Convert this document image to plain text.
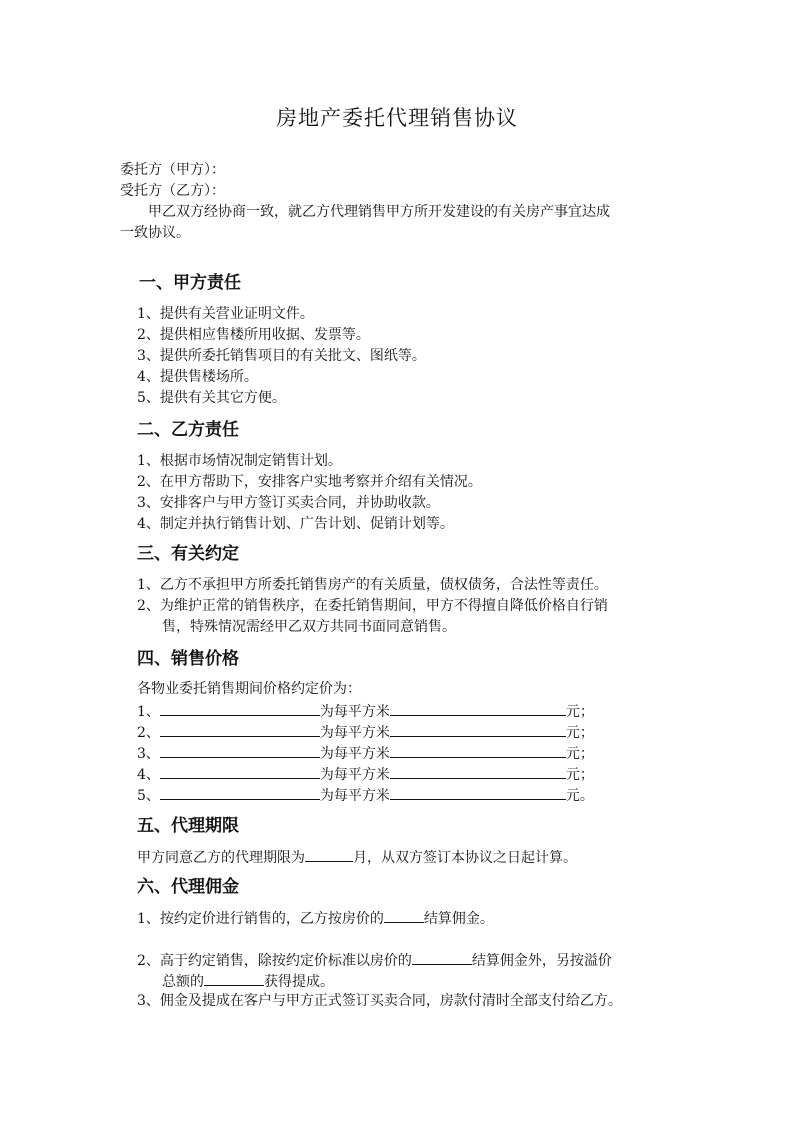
房地产委托代理销售协议
委托方（甲方）：
受托方（乙方）：
甲乙双方经协商一致，就乙方代理销售甲方所开发建设的有关房产事宜达成
一致协议。
一、甲方责任
1、提供有关营业证明文件。
2、提供相应售楼所用收据、发票等。
3、提供所委托销售项目的有关批文、图纸等。
4、提供售楼场所。
5、提供有关其它方便。
二、乙方责任
1、根据市场情况制定销售计划。
2、在甲方帮助下，安排客户实地考察并介绍有关情况。
3、安排客户与甲方签订买卖合同，并协助收款。
4、制定并执行销售计划、广告计划、促销计划等。
三、有关约定
1、乙方不承担甲方所委托销售房产的有关质量，债权债务，合法性等责任。
2、为维护正常的销售秩序，在委托销售期间，甲方不得擅自降低价格自行销
售，特殊情况需经甲乙双方共同书面同意销售。
四、销售价格
各物业委托销售期间价格约定价为：
1、	为每平方米	元；
2、	为每平方米	元；
3、	为每平方米	元；
4、	为每平方米	元；
5、	为每平方米	元。
五、代理期限
甲方同意乙方的代理期限为	月，从双方签订本协议之日起计算。
六、代理佣金
1、按约定价进行销售的，乙方按房价的	结算佣金。
2、高于约定销售，除按约定价标准以房价的	结算佣金外，另按溢价
总额的	获得提成。
3、佣金及提成在客户与甲方正式签订买卖合同，房款付清时全部支付给乙方。
